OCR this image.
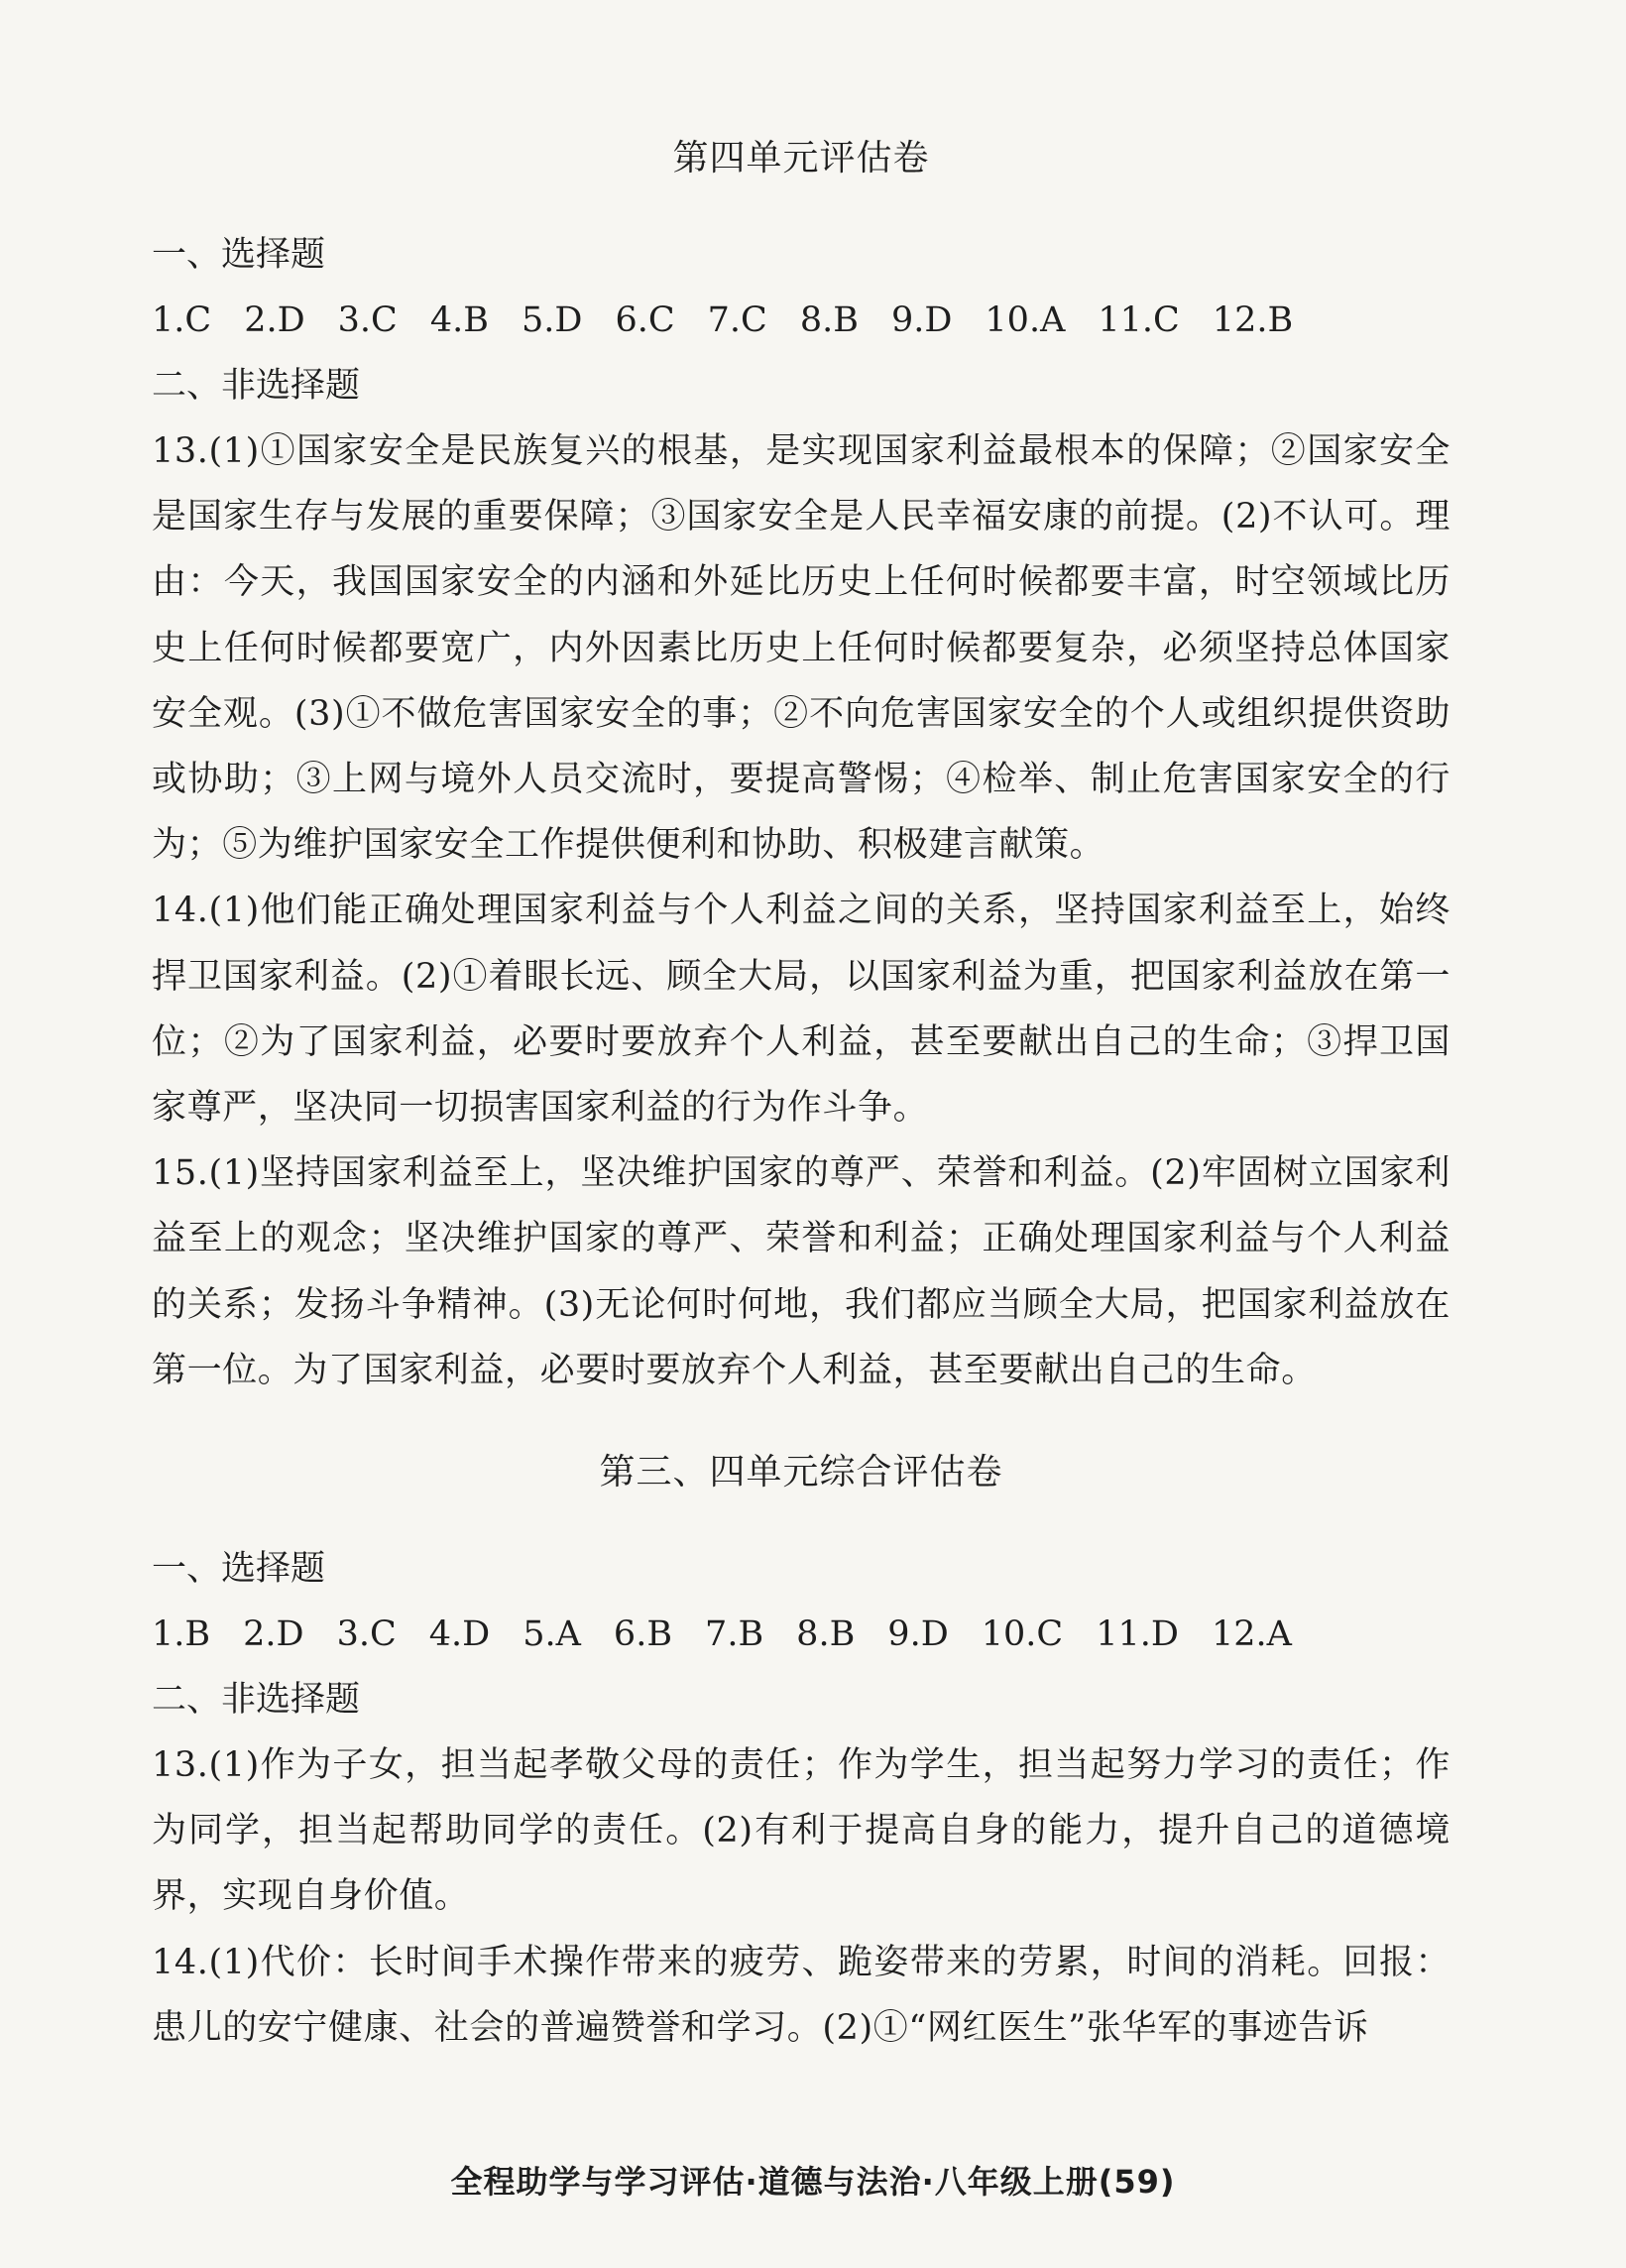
第四单元评估卷

一、选择题

1.C 2.D 3.C 4.B 5.D 6.C 7.C 8.B 9.D 10.A 11.C 12.B

二、非选择题

13.(1)①国家安全是民族复兴的根基，是实现国家利益最根本的保障；②国家安全是国家生存与发展的重要保障；③国家安全是人民幸福安康的前提。(2)不认可。理由：今天，我国国家安全的内涵和外延比历史上任何时候都要丰富，时空领域比历史上任何时候都要宽广，内外因素比历史上任何时候都要复杂，必须坚持总体国家安全观。(3)①不做危害国家安全的事；②不向危害国家安全的个人或组织提供资助或协助；③上网与境外人员交流时，要提高警惕；④检举、制止危害国家安全的行为；⑤为维护国家安全工作提供便利和协助、积极建言献策。

14.(1)他们能正确处理国家利益与个人利益之间的关系，坚持国家利益至上，始终捍卫国家利益。(2)①着眼长远、顾全大局，以国家利益为重，把国家利益放在第一位；②为了国家利益，必要时要放弃个人利益，甚至要献出自己的生命；③捍卫国家尊严，坚决同一切损害国家利益的行为作斗争。

15.(1)坚持国家利益至上，坚决维护国家的尊严、荣誉和利益。(2)牢固树立国家利益至上的观念；坚决维护国家的尊严、荣誉和利益；正确处理国家利益与个人利益的关系；发扬斗争精神。(3)无论何时何地，我们都应当顾全大局，把国家利益放在第一位。为了国家利益，必要时要放弃个人利益，甚至要献出自己的生命。

第三、四单元综合评估卷

一、选择题

1.B 2.D 3.C 4.D 5.A 6.B 7.B 8.B 9.D 10.C 11.D 12.A

二、非选择题

13.(1)作为子女，担当起孝敬父母的责任；作为学生，担当起努力学习的责任；作为同学，担当起帮助同学的责任。(2)有利于提高自身的能力，提升自己的道德境界，实现自身价值。

14.(1)代价：长时间手术操作带来的疲劳、跪姿带来的劳累，时间的消耗。回报：患儿的安宁健康、社会的普遍赞誉和学习。(2)①“网红医生”张华军的事迹告诉

全程助学与学习评估·道德与法治·八年级上册(59)
